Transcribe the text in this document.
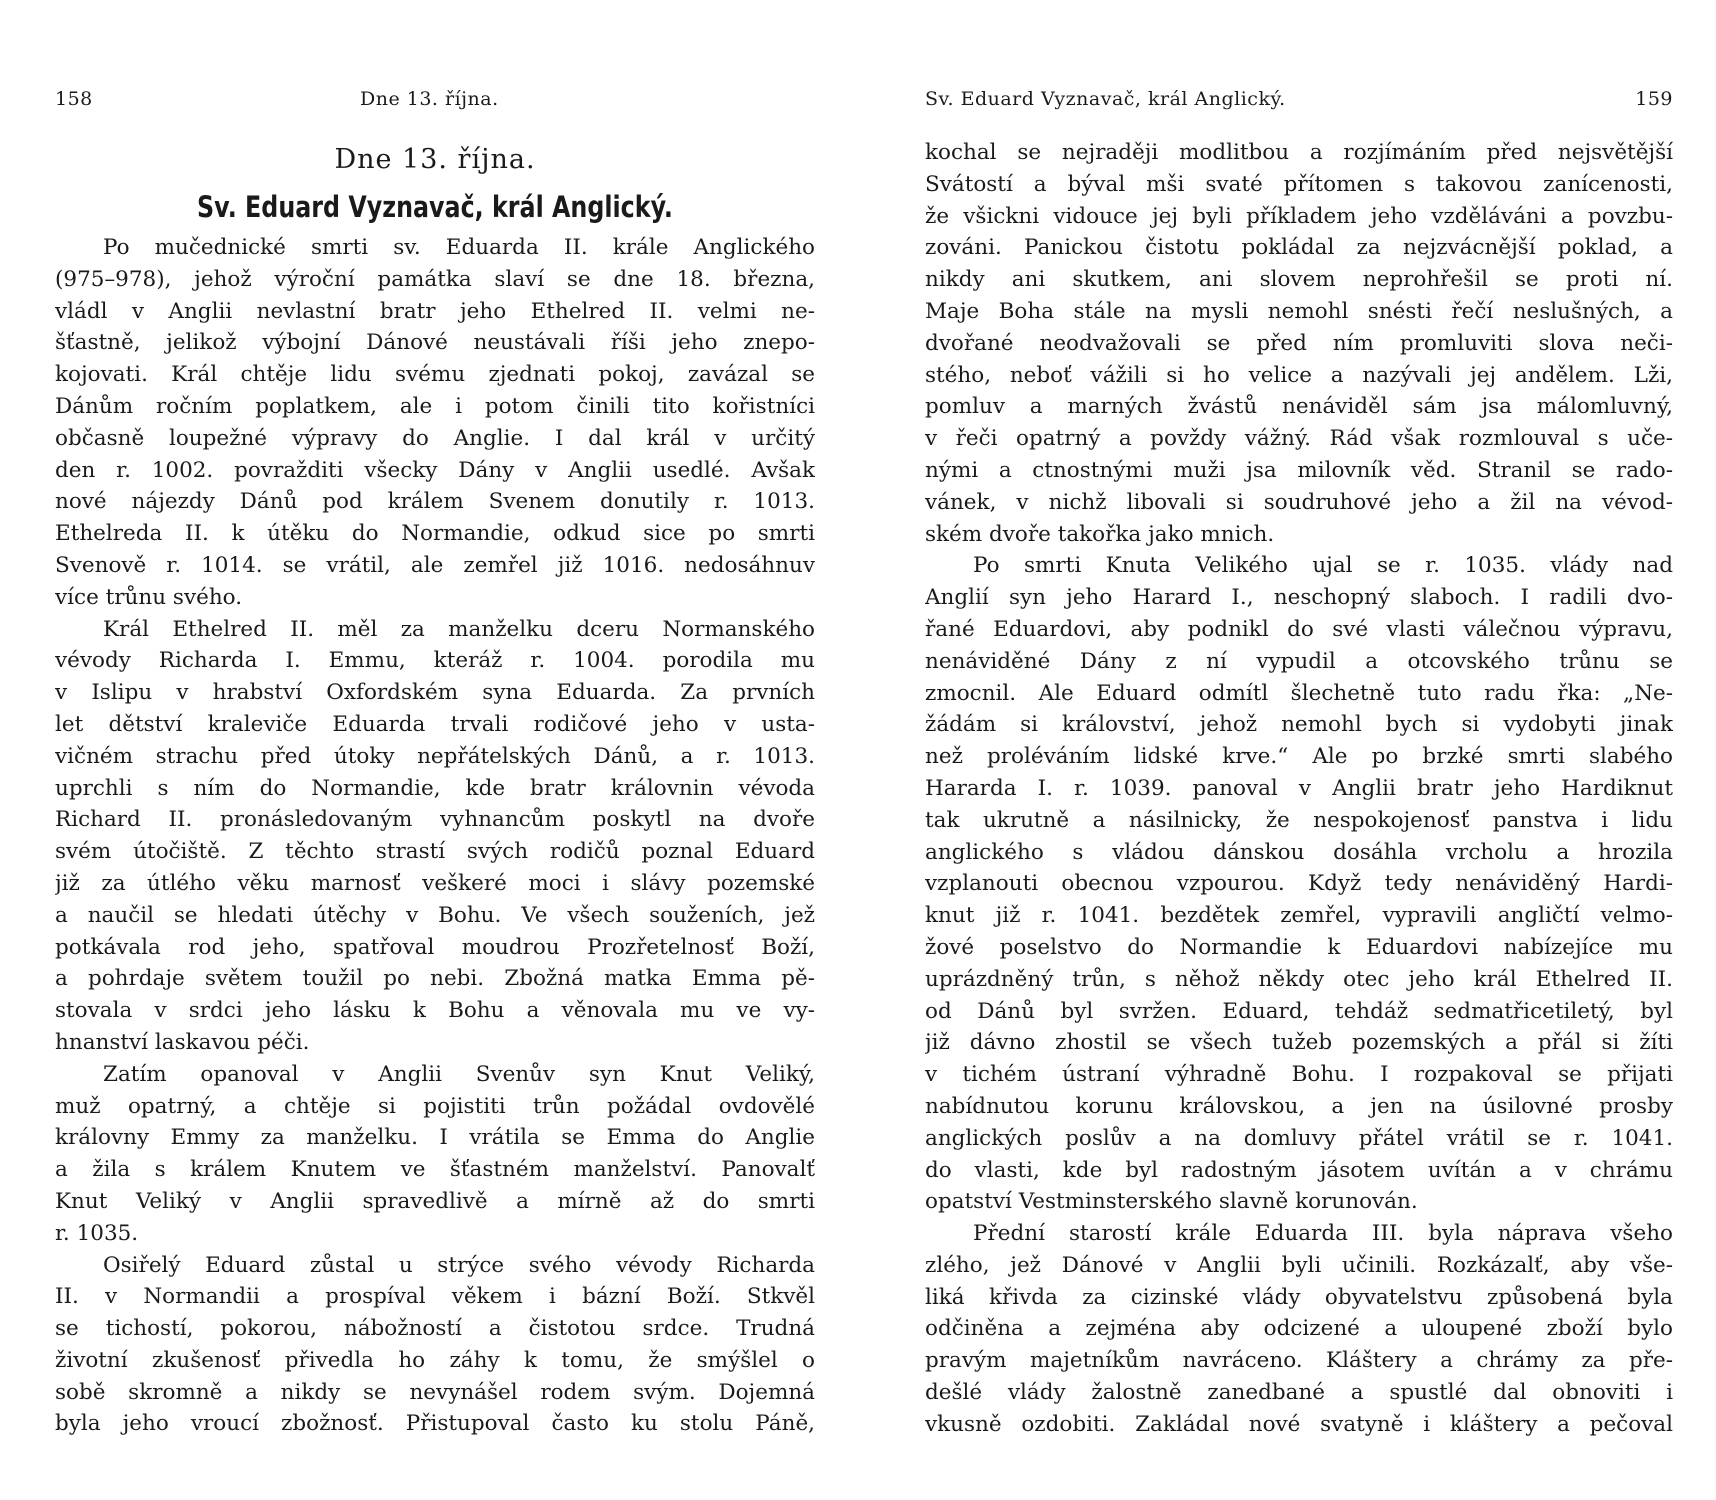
158	Dne 13. října.
Dne 13. října.
Sv. Eduard Vyznavač, král Anglický.
Po mučednické smrti sv. Eduarda II. krále Anglického
(975–978), jehož výroční památka slaví se dne 18. března,
vládl v Anglii nevlastní bratr jeho Ethelred II. velmi ne-
šťastně, jelikož výbojní Dánové neustávali říši jeho znepo-
kojovati. Král chtěje lidu svému zjednati pokoj, zavázal se
Dánům ročním poplatkem, ale i potom činili tito kořistníci
občasně loupežné výpravy do Anglie. I dal král v určitý
den r. 1002. povražditi všecky Dány v Anglii usedlé. Avšak
nové nájezdy Dánů pod králem Svenem donutily r. 1013.
Ethelreda II. k útěku do Normandie, odkud sice po smrti
Svenově r. 1014. se vrátil, ale zemřel již 1016. nedosáhnuv
více trůnu svého.
Král Ethelred II. měl za manželku dceru Normanského
vévody Richarda I. Emmu, kteráž r. 1004. porodila mu
v Islipu v hrabství Oxfordském syna Eduarda. Za prvních
let dětství kraleviče Eduarda trvali rodičové jeho v usta-
vičném strachu před útoky nepřátelských Dánů, a r. 1013.
uprchli s ním do Normandie, kde bratr královnin vévoda
Richard II. pronásledovaným vyhnancům poskytl na dvoře
svém útočiště. Z těchto strastí svých rodičů poznal Eduard
již za útlého věku marnosť veškeré moci i slávy pozemské
a naučil se hledati útěchy v Bohu. Ve všech souženích, jež
potkávala rod jeho, spatřoval moudrou Prozřetelnosť Boží,
a pohrdaje světem toužil po nebi. Zbožná matka Emma pě-
stovala v srdci jeho lásku k Bohu a věnovala mu ve vy-
hnanství laskavou péči.
Zatím opanoval v Anglii Svenův syn Knut Veliký,
muž opatrný, a chtěje si pojistiti trůn požádal ovdovělé
královny Emmy za manželku. I vrátila se Emma do Anglie
a žila s králem Knutem ve šťastném manželství. Panovalť
Knut Veliký v Anglii spravedlivě a mírně až do smrti
r. 1035.
Osiřelý Eduard zůstal u strýce svého vévody Richarda
II. v Normandii a prospíval věkem i bázní Boží. Stkvěl
se tichostí, pokorou, nábožností a čistotou srdce. Trudná
životní zkušenosť přivedla ho záhy k tomu, že smýšlel o
sobě skromně a nikdy se nevynášel rodem svým. Dojemná
byla jeho vroucí zbožnosť. Přistupoval často ku stolu Páně,
Sv. Eduard Vyznavač, král Anglický.	159
kochal se nejraději modlitbou a rozjímáním před nejsvětější
Svátostí a býval mši svaté přítomen s takovou zanícenosti,
že všickni vidouce jej byli příkladem jeho vzděláváni a povzbu-
zováni. Panickou čistotu pokládal za nejzvácnější poklad, a
nikdy ani skutkem, ani slovem neprohřešil se proti ní.
Maje Boha stále na mysli nemohl snésti řečí neslušných, a
dvořané neodvažovali se před ním promluviti slova neči-
stého, neboť vážili si ho velice a nazývali jej andělem. Lži,
pomluv a marných žvástů nenáviděl sám jsa málomluvný,
v řeči opatrný a povždy vážný. Rád však rozmlouval s uče-
nými a ctnostnými muži jsa milovník věd. Stranil se rado-
vánek, v nichž libovali si soudruhové jeho a žil na vévod-
ském dvoře takořka jako mnich.
Po smrti Knuta Velikého ujal se r. 1035. vlády nad
Anglií syn jeho Harard I., neschopný slaboch. I radili dvo-
řané Eduardovi, aby podnikl do své vlasti válečnou výpravu,
nenáviděné Dány z ní vypudil a otcovského trůnu se
zmocnil. Ale Eduard odmítl šlechetně tuto radu řka: „Ne-
žádám si království, jehož nemohl bych si vydobyti jinak
než proléváním lidské krve.“ Ale po brzké smrti slabého
Hararda I. r. 1039. panoval v Anglii bratr jeho Hardiknut
tak ukrutně a násilnicky, že nespokojenosť panstva i lidu
anglického s vládou dánskou dosáhla vrcholu a hrozila
vzplanouti obecnou vzpourou. Když tedy nenáviděný Hardi-
knut již r. 1041. bezdětek zemřel, vypravili angličtí velmo-
žové poselstvo do Normandie k Eduardovi nabízejíce mu
uprázdněný trůn, s něhož někdy otec jeho král Ethelred II.
od Dánů byl svržen. Eduard, tehdáž sedmatřicetiletý, byl
již dávno zhostil se všech tužeb pozemských a přál si žíti
v tichém ústraní výhradně Bohu. I rozpakoval se přijati
nabídnutou korunu královskou, a jen na úsilovné prosby
anglických poslův a na domluvy přátel vrátil se r. 1041.
do vlasti, kde byl radostným jásotem uvítán a v chrámu
opatství Vestminsterského slavně korunován.
Přední starostí krále Eduarda III. byla náprava všeho
zlého, jež Dánové v Anglii byli učinili. Rozkázalť, aby vše-
liká křivda za cizinské vlády obyvatelstvu způsobená byla
odčiněna a zejména aby odcizené a uloupené zboží bylo
pravým majetníkům navráceno. Kláštery a chrámy za pře-
dešlé vlády žalostně zanedbané a spustlé dal obnoviti i
vkusně ozdobiti. Zakládal nové svatyně i kláštery a pečoval
